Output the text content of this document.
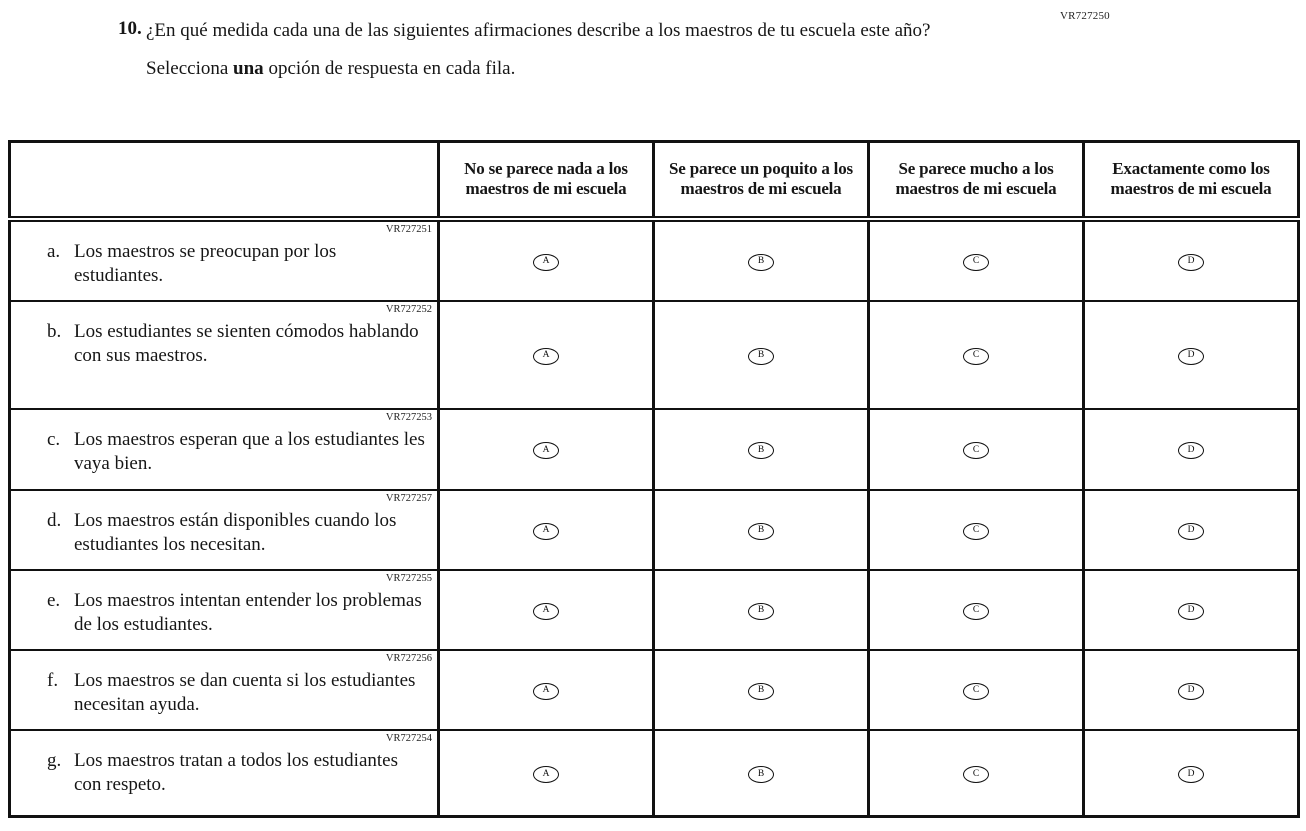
VR727250
10. ¿En qué medida cada una de las siguientes afirmaciones describe a los maestros de tu escuela este año?
Selecciona una opción de respuesta en cada fila.
	No se parece nada a los maestros de mi escuela	Se parece un poquito a los maestros de mi escuela	Se parece mucho a los maestros de mi escuela	Exactamente como los maestros de mi escuela

VR727251
a. Los maestros se preocupan por los estudiantes.	A	B	C	D

VR727252
b. Los estudiantes se sienten cómodos hablando con sus maestros.	A	B	C	D

VR727253
c. Los maestros esperan que a los estudiantes les vaya bien.	A	B	C	D

VR727257
d. Los maestros están disponibles cuando los estudiantes los necesitan.	A	B	C	D

VR727255
e. Los maestros intentan entender los problemas de los estudiantes.	A	B	C	D

VR727256
f. Los maestros se dan cuenta si los estudiantes necesitan ayuda.	A	B	C	D

VR727254
g. Los maestros tratan a todos los estudiantes con respeto.	A	B	C	D
